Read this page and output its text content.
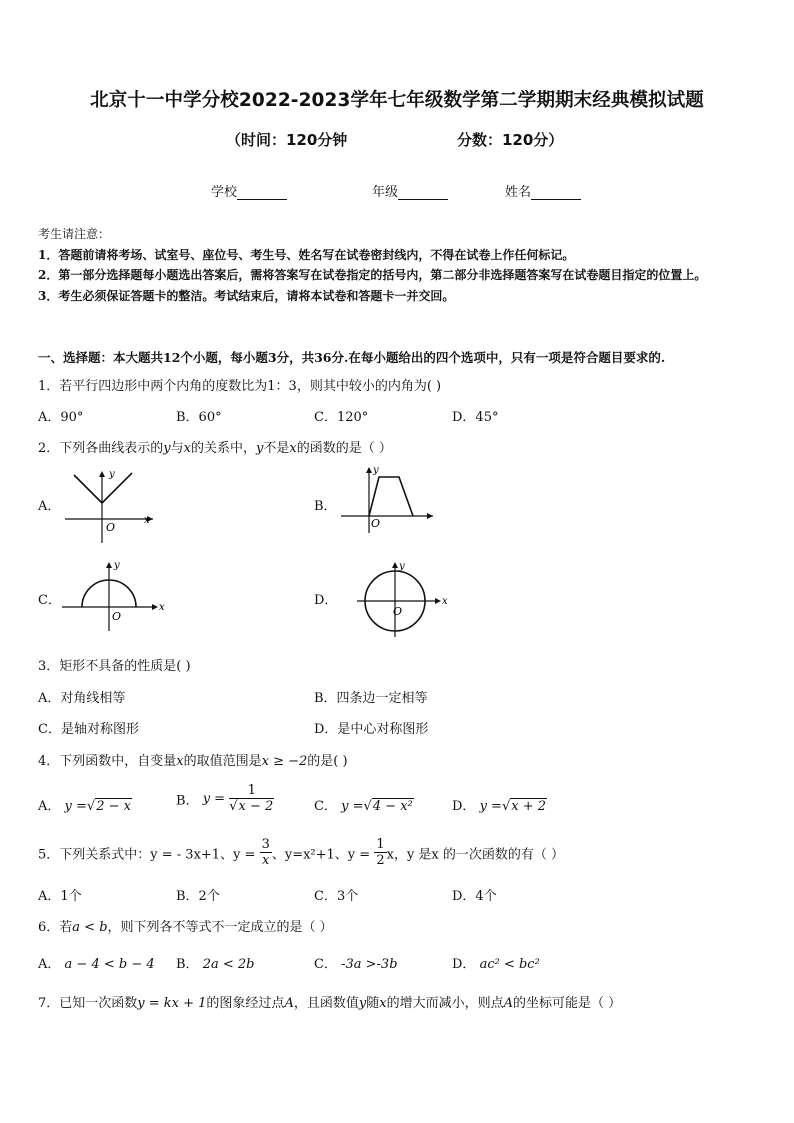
北京十一中学分校2022-2023学年七年级数学第二学期期末经典模拟试题
（时间：120分钟	分数：120分）
学校	年级	姓名
考生请注意：
1．答题前请将考场、试室号、座位号、考生号、姓名写在试卷密封线内，不得在试卷上作任何标记。
2．第一部分选择题每小题选出答案后，需将答案写在试卷指定的括号内，第二部分非选择题答案写在试卷题目指定的位置上。
3．考生必须保证答题卡的整洁。考试结束后，请将本试卷和答题卡一并交回。
一、选择题：本大题共12个小题，每小题3分，共36分.在每小题给出的四个选项中，只有一项是符合题目要求的.
1．若平行四边形中两个内角的度数比为1：3，则其中较小的内角为( )
A．90°	B．60°	C．120°	D．45°
2．下列各曲线表示的y与x的关系中，y不是x的函数的是（ ）
A．
y
x
O
B．
y
O
C．
y
x
O
D．
y
x
O
3．矩形不具备的性质是( )
A．对角线相等	B．四条边一定相等
C．是轴对称图形	D．是中心对称图形
4．下列函数中，自变量x的取值范围是x ≥ −2的是( )
A． y =√2 − x	B． $y = \frac{1}{√x - 2}$	C． y =√4 − x²	D． y =√x + 2
5．下列关系式中：y = - 3x+1、$y = \frac{3}{x}$ 、y=x²+1、$y = \frac{1}{2}$ x，y 是x 的一次函数的有（ ）
A．1个	B．2个	C．3个	D．4个
6．若a < b，则下列各不等式不一定成立的是（ ）
A． a − 4 < b − 4 B． 2a < 2b	C． -3a >-3b	D． ac² < bc²
7．已知一次函数y = kx + 1的图象经过点A，且函数值y随x的增大而减小，则点A的坐标可能是（ ）
